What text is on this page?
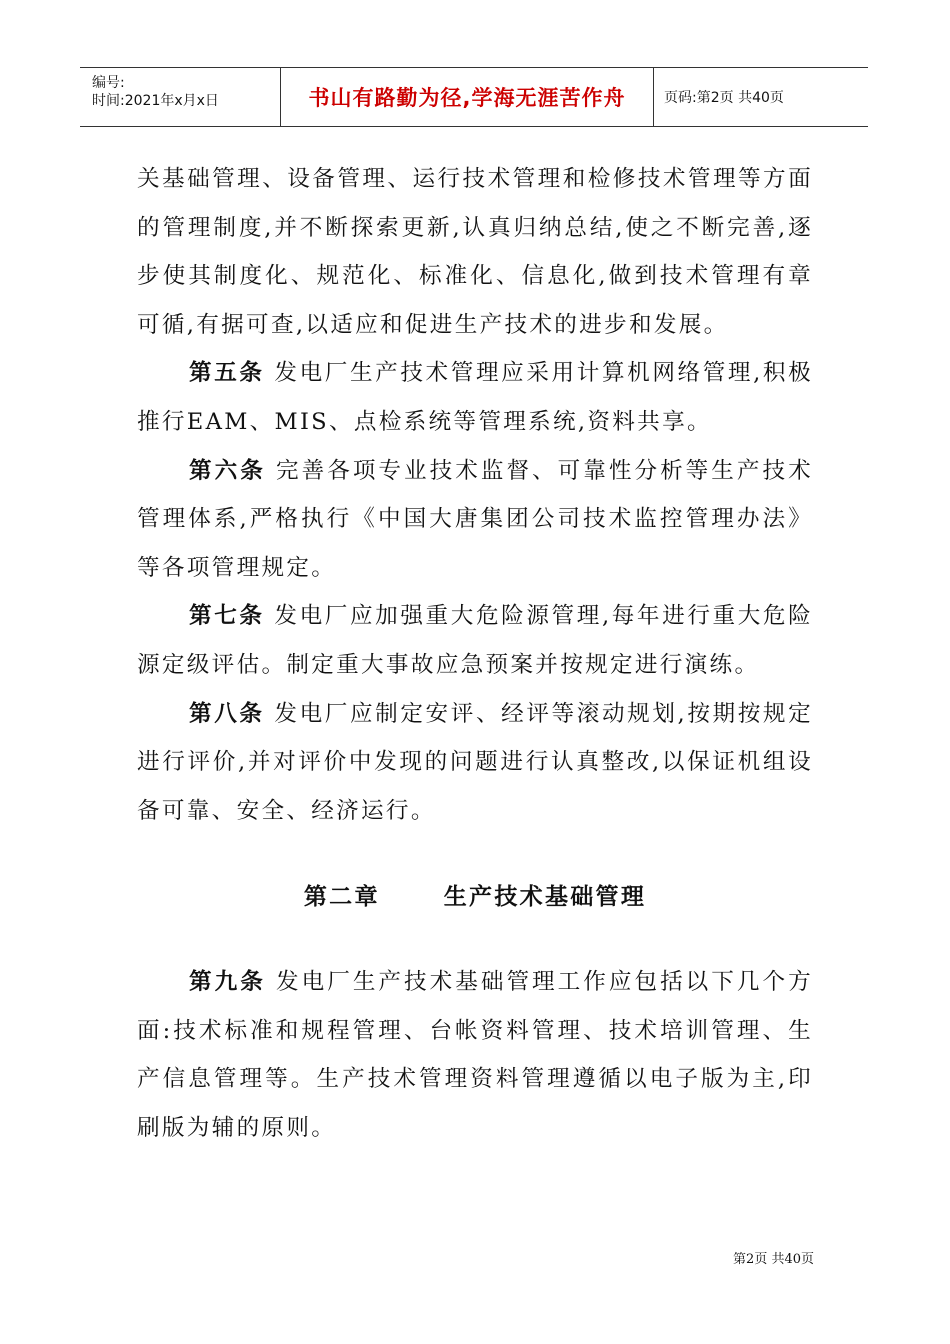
编号:
时间:2021年x月x日	书山有路勤为径,学海无涯苦作舟	页码:第2页 共40页

关基础管理、设备管理、运行技术管理和检修技术管理等方面的管理制度,并不断探索更新,认真归纳总结,使之不断完善,逐步使其制度化、规范化、标准化、信息化,做到技术管理有章可循,有据可查,以适应和促进生产技术的进步和发展。

第五条 发电厂生产技术管理应采用计算机网络管理,积极推行EAM、MIS、点检系统等管理系统,资料共享。

第六条 完善各项专业技术监督、可靠性分析等生产技术管理体系,严格执行《中国大唐集团公司技术监控管理办法》等各项管理规定。

第七条 发电厂应加强重大危险源管理,每年进行重大危险源定级评估。制定重大事故应急预案并按规定进行演练。

第八条 发电厂应制定安评、经评等滚动规划,按期按规定进行评价,并对评价中发现的问题进行认真整改,以保证机组设备可靠、安全、经济运行。

第二章	生产技术基础管理

第九条 发电厂生产技术基础管理工作应包括以下几个方面:技术标准和规程管理、台帐资料管理、技术培训管理、生产信息管理等。生产技术管理资料管理遵循以电子版为主,印刷版为辅的原则。

第2页 共40页
